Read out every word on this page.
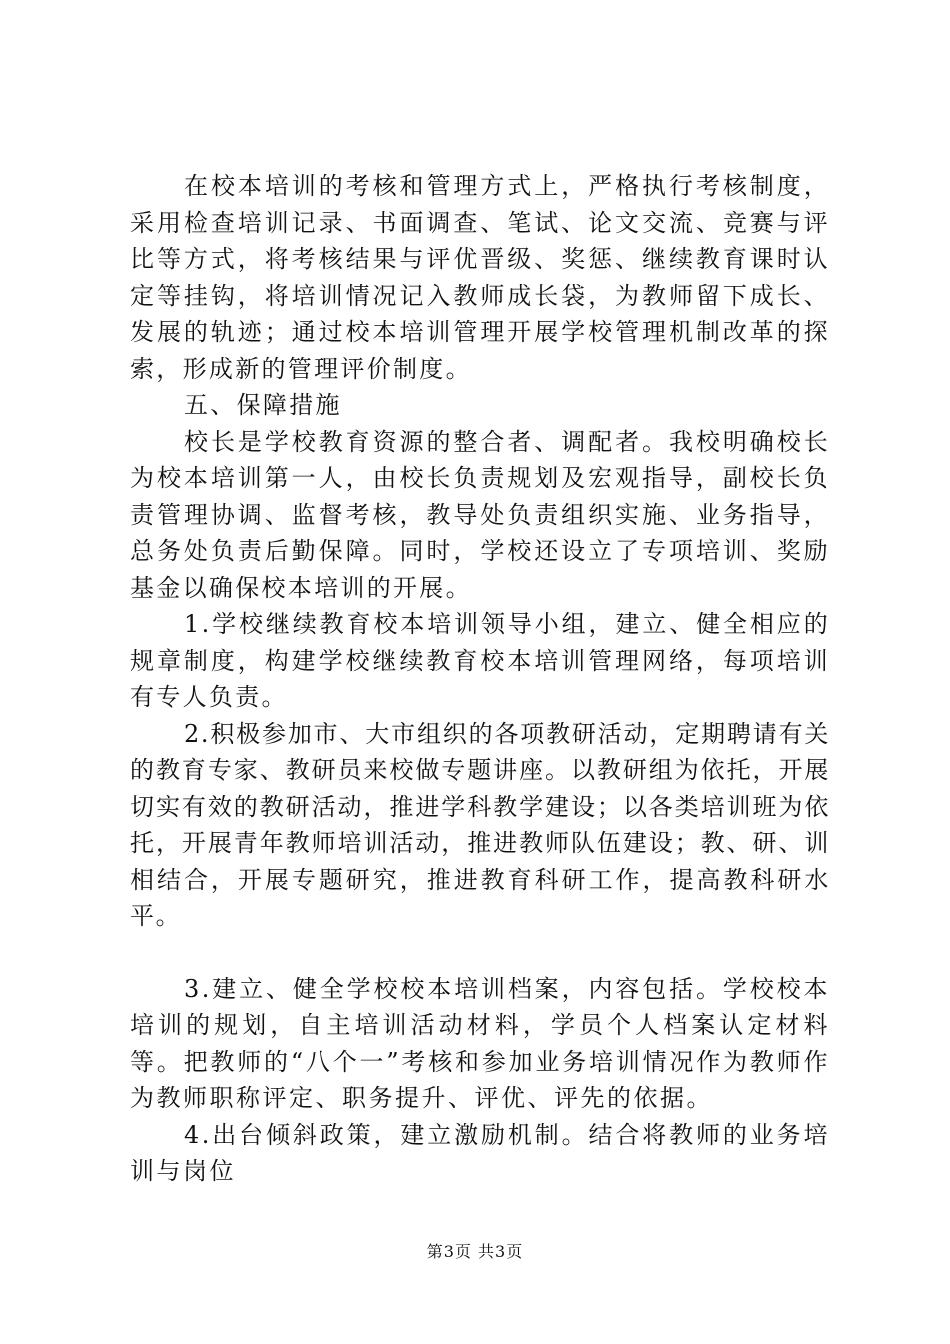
在校本培训的考核和管理方式上，严格执行考核制度，采用检查培训记录、书面调查、笔试、论文交流、竞赛与评比等方式，将考核结果与评优晋级、奖惩、继续教育课时认定等挂钩，将培训情况记入教师成长袋，为教师留下成长、发展的轨迹；通过校本培训管理开展学校管理机制改革的探索，形成新的管理评价制度。

五、保障措施

校长是学校教育资源的整合者、调配者。我校明确校长为校本培训第一人，由校长负责规划及宏观指导，副校长负责管理协调、监督考核，教导处负责组织实施、业务指导，总务处负责后勤保障。同时，学校还设立了专项培训、奖励基金以确保校本培训的开展。

1.学校继续教育校本培训领导小组，建立、健全相应的规章制度，构建学校继续教育校本培训管理网络，每项培训有专人负责。

2.积极参加市、大市组织的各项教研活动，定期聘请有关的教育专家、教研员来校做专题讲座。以教研组为依托，开展切实有效的教研活动，推进学科教学建设；以各类培训班为依托，开展青年教师培训活动，推进教师队伍建设；教、研、训相结合，开展专题研究，推进教育科研工作，提高教科研水平。

3.建立、健全学校校本培训档案，内容包括。学校校本培训的规划，自主培训活动材料，学员个人档案认定材料等。把教师的“八个一”考核和参加业务培训情况作为教师作为教师职称评定、职务提升、评优、评先的依据。

4.出台倾斜政策，建立激励机制。结合将教师的业务培训与岗位

第3页 共3页
